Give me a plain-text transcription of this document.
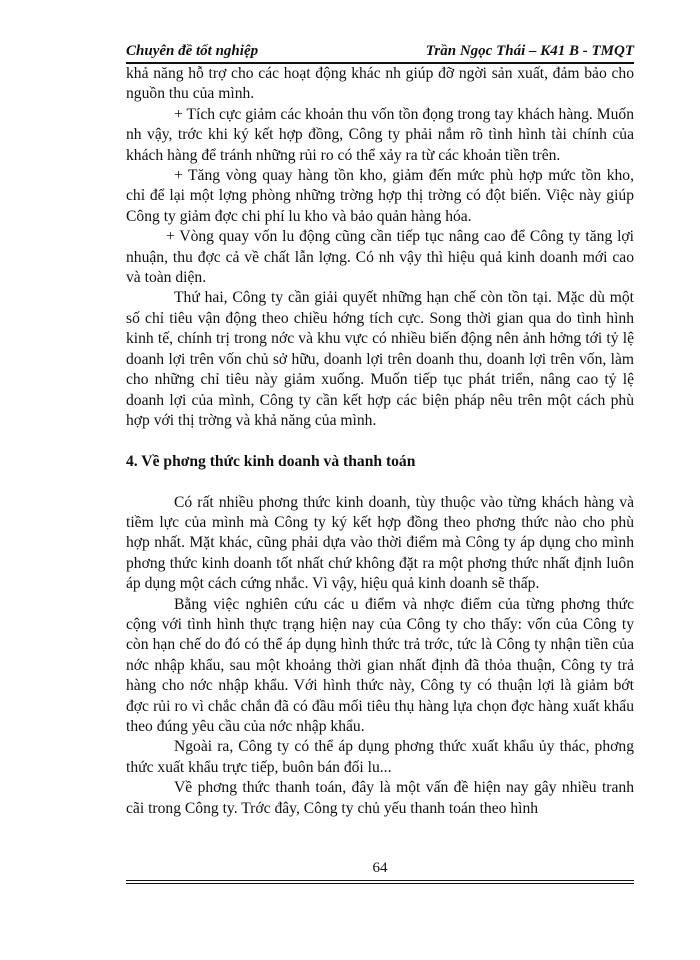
Chuyên đề tốt nghiệp	Trần Ngọc Thái – K41 B - TMQT

khả năng hỗ trợ cho các hoạt động khác nh giúp đỡ ngời sản xuất, đảm bảo cho nguồn thu của mình.

+ Tích cực giảm các khoản thu vốn tồn đọng trong tay khách hàng. Muốn nh vậy, trớc khi ký kết hợp đồng, Công ty phải nắm rõ tình hình tài chính của khách hàng để tránh những rủi ro có thể xảy ra từ các khoản tiền trên.

+ Tăng vòng quay hàng tồn kho, giảm đến mức phù hợp mức tồn kho, chỉ để lại một lợng phòng những trờng hợp thị trờng có đột biến. Việc này giúp Công ty giảm đợc chi phí lu kho và bảo quản hàng hóa.

+ Vòng quay vốn lu động cũng cần tiếp tục nâng cao để Công ty tăng lợi nhuận, thu đợc cả về chất lẫn lợng. Có nh vậy thì hiệu quả kinh doanh mới cao và toàn diện.

Thứ hai, Công ty cần giải quyết những hạn chế còn tồn tại. Mặc dù một số chỉ tiêu vận động theo chiều hớng tích cực. Song thời gian qua do tình hình kinh tế, chính trị trong nớc và khu vực có nhiều biến động nên ảnh hởng tới tỷ lệ doanh lợi trên vốn chủ sở hữu, doanh lợi trên doanh thu, doanh lợi trên vốn, làm cho những chỉ tiêu này giảm xuống. Muốn tiếp tục phát triển, nâng cao tỷ lệ doanh lợi của mình, Công ty cần kết hợp các biện pháp nêu trên một cách phù hợp với thị trờng và khả năng của mình.

4. Về phơng thức kinh doanh và thanh toán

Có rất nhiều phơng thức kinh doanh, tùy thuộc vào từng khách hàng và tiềm lực của mình mà Công ty ký kết hợp đồng theo phơng thức nào cho phù hợp nhất. Mặt khác, cũng phải dựa vào thời điểm mà Công ty áp dụng cho mình phơng thức kinh doanh tốt nhất chứ không đặt ra một phơng thức nhất định luôn áp dụng một cách cứng nhắc. Vì vậy, hiệu quả kinh doanh sẽ thấp.

Bằng việc nghiên cứu các u điểm và nhợc điểm của từng phơng thức cộng với tình hình thực trạng hiện nay của Công ty cho thấy: vốn của Công ty còn hạn chế do đó có thể áp dụng hình thức trả trớc, tức là Công ty nhận tiền của nớc nhập khẩu, sau một khoảng thời gian nhất định đã thỏa thuận, Công ty trả hàng cho nớc nhập khẩu. Với hình thức này, Công ty có thuận lợi là giảm bớt đợc rủi ro vì chắc chắn đã có đầu mối tiêu thụ hàng lựa chọn đợc hàng xuất khẩu theo đúng yêu cầu của nớc nhập khẩu.

Ngoài ra, Công ty có thể áp dụng phơng thức xuất khẩu ủy thác, phơng thức xuất khẩu trực tiếp, buôn bán đối lu...

Về phơng thức thanh toán, đây là một vấn đề hiện nay gây nhiều tranh cãi trong Công ty. Trớc đây, Công ty chủ yếu thanh toán theo hình

64
